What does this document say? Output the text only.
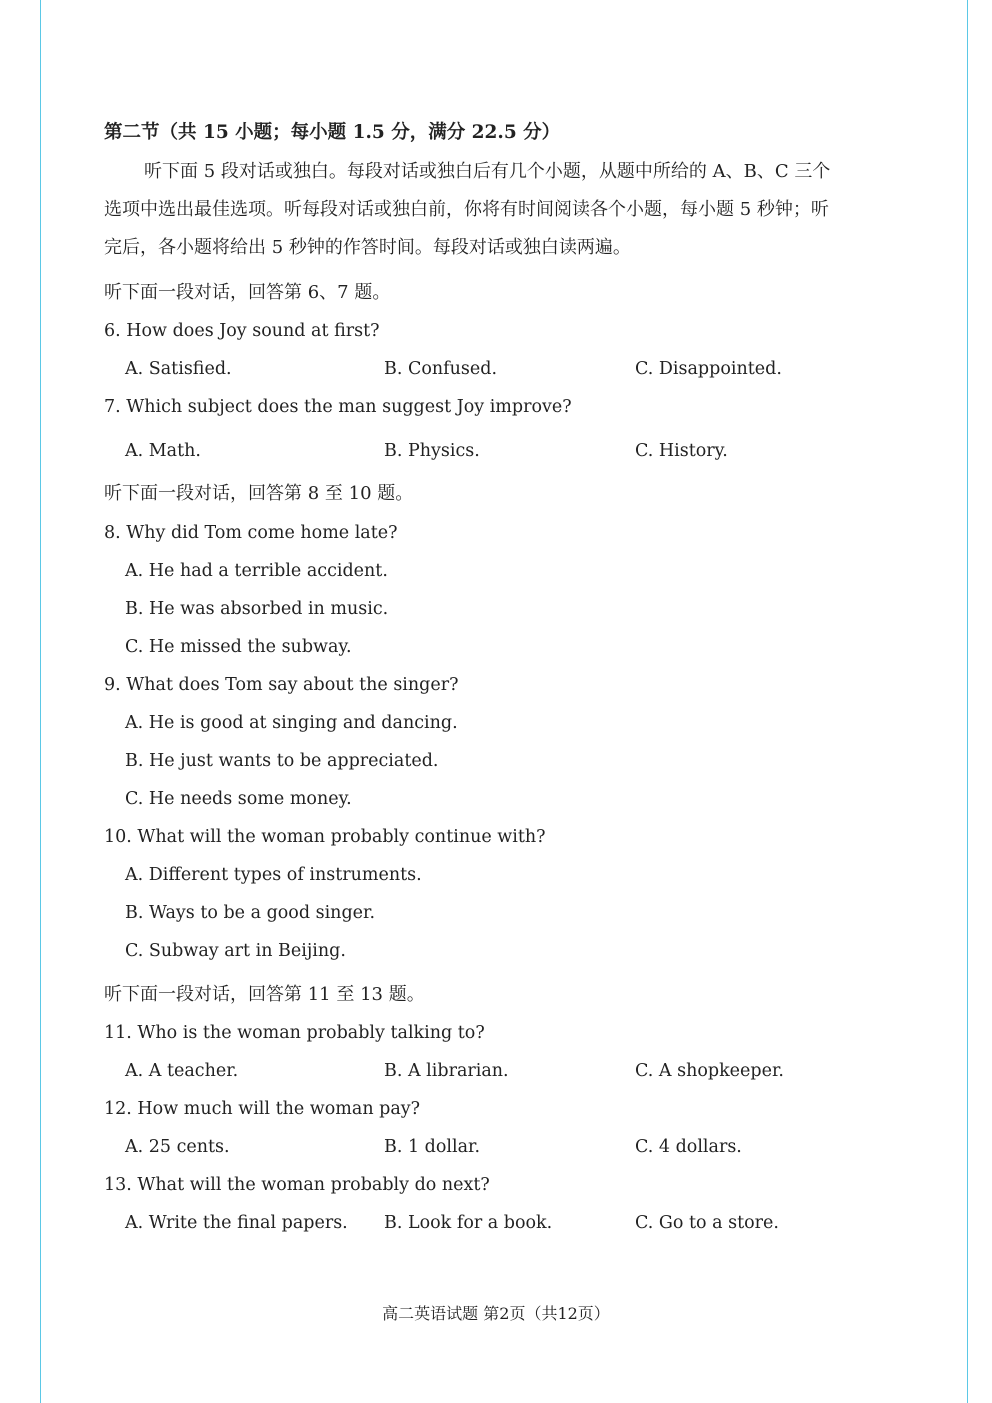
第二节（共 15 小题；每小题 1.5 分，满分 22.5 分）
听下面 5 段对话或独白。每段对话或独白后有几个小题，从题中所给的 A、B、C 三个
选项中选出最佳选项。听每段对话或独白前，你将有时间阅读各个小题，每小题 5 秒钟；听
完后，各小题将给出 5 秒钟的作答时间。每段对话或独白读两遍。
听下面一段对话，回答第 6、7 题。
6. How does Joy sound at first?
A. Satisfied.	B. Confused.	C. Disappointed.
7. Which subject does the man suggest Joy improve?
A. Math.	B. Physics.	C. History.
听下面一段对话，回答第 8 至 10 题。
8. Why did Tom come home late?
A. He had a terrible accident.
B. He was absorbed in music.
C. He missed the subway.
9. What does Tom say about the singer?
A. He is good at singing and dancing.
B. He just wants to be appreciated.
C. He needs some money.
10. What will the woman probably continue with?
A. Different types of instruments.
B. Ways to be a good singer.
C. Subway art in Beijing.
听下面一段对话，回答第 11 至 13 题。
11. Who is the woman probably talking to?
A. A teacher.	B. A librarian.	C. A shopkeeper.
12. How much will the woman pay?
A. 25 cents.	B. 1 dollar.	C. 4 dollars.
13. What will the woman probably do next?
A. Write the final papers. B. Look for a book.	C. Go to a store.
高二英语试题 第2页（共12页）
